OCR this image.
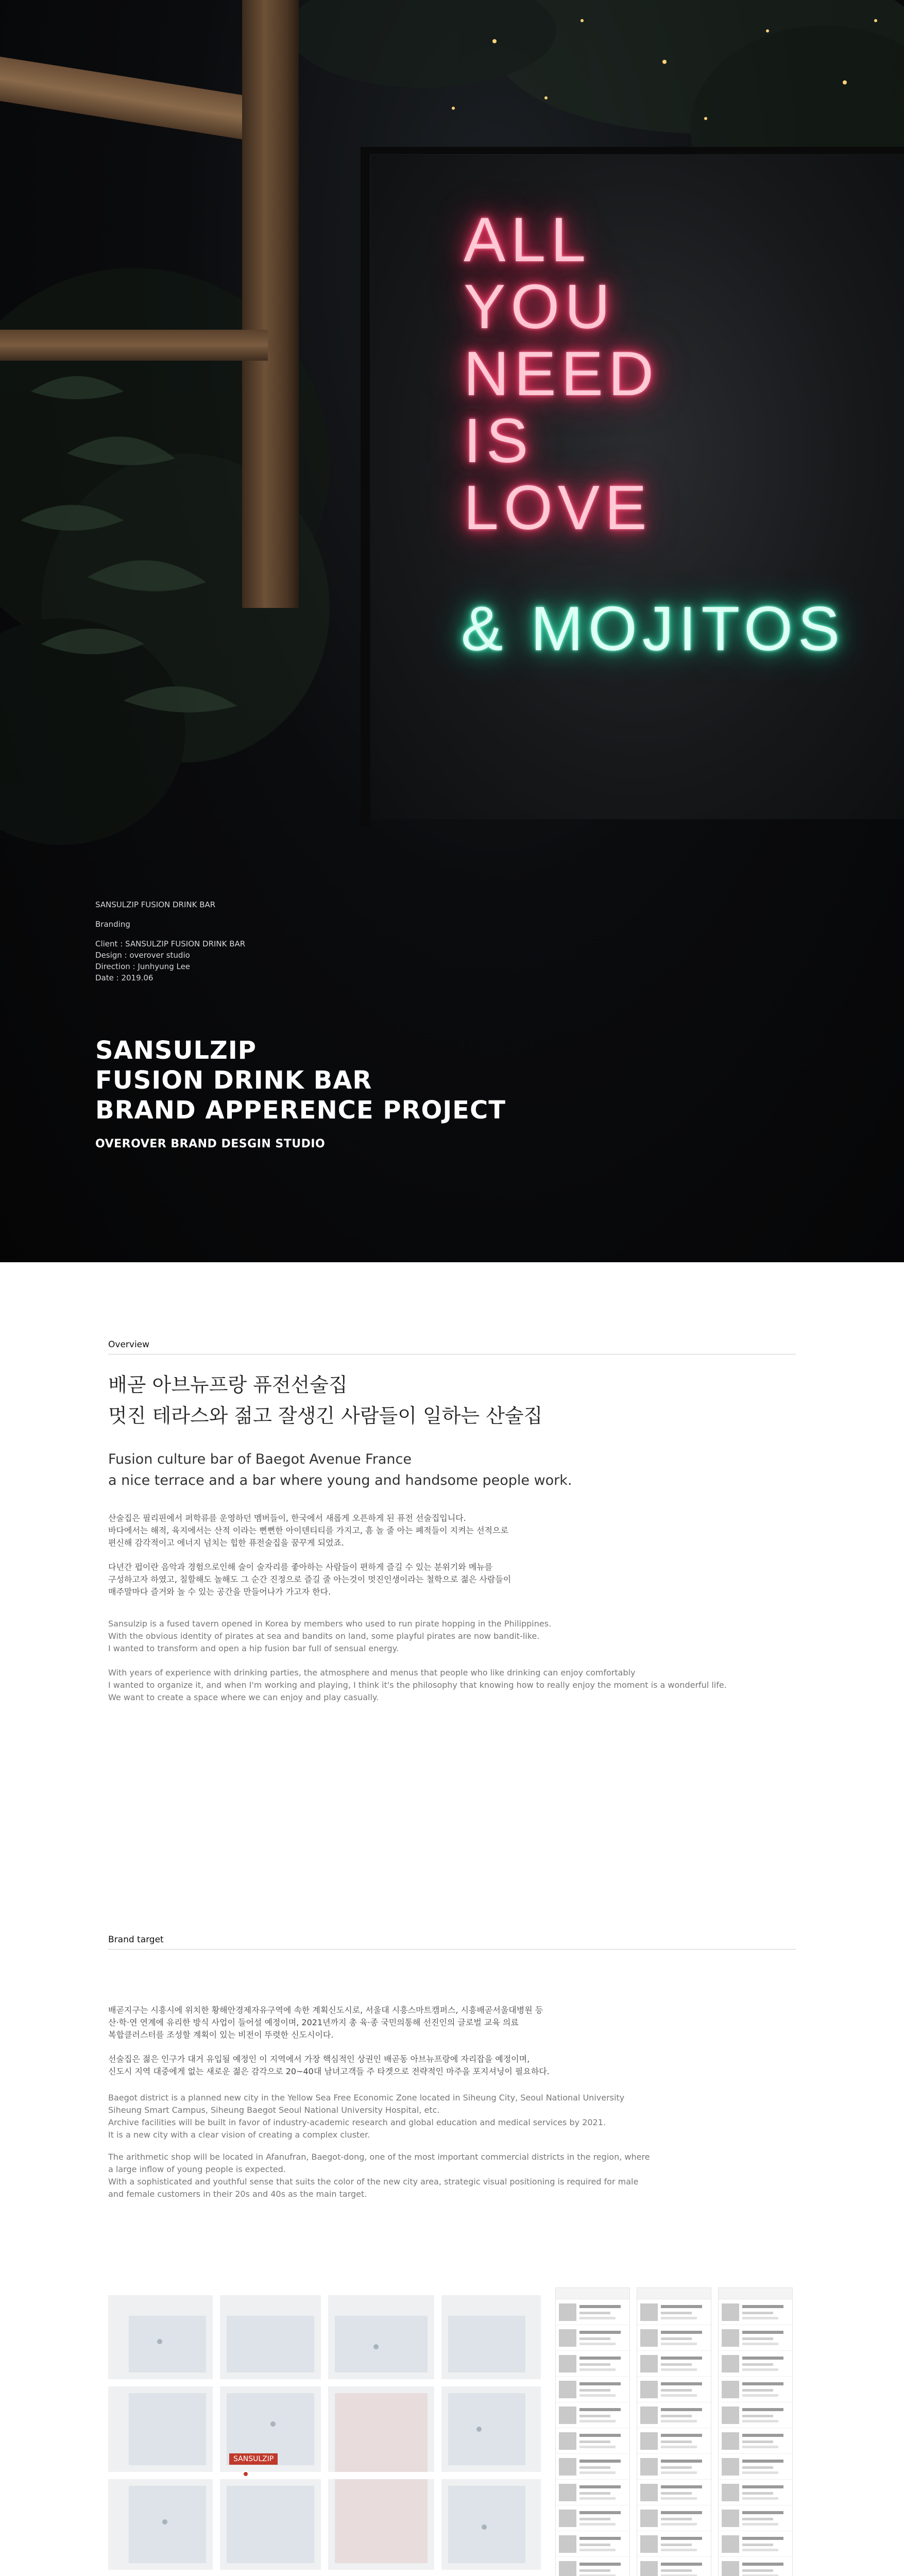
ALL
YOU
NEED
IS
LOVE
& MOJITOS
SANSULZIP FUSION DRINK BAR
Branding
Client : SANSULZIP FUSION DRINK BAR
Design : overover studio
Direction : Junhyung Lee
Date : 2019.06
SANSULZIP
FUSION DRINK BAR
BRAND APPERENCE PROJECT
OVEROVER BRAND DESGIN STUDIO
Overview
배곧 아브뉴프랑 퓨전선술집
멋진 테라스와 젊고 잘생긴 사람들이 일하는 산술집
Fusion culture bar of Baegot Avenue France
a nice terrace and a bar where young and handsome people work.
산술집은 필리핀에서 퍼학류를 운영하던 멤버들이, 한국에서 새롭게 오픈하게 된 퓨전 선술집입니다.
바다에서는 해적, 육지에서는 산적 이라는 뻔뻔한 아이덴티티를 가지고, 흠 놀 줄 아는 폐적들이 지켜는 선적으로
편신해 감각적이고 에너지 넘치는 힙한 퓨전술집을 꿈꾸게 되었죠.
다년간 펍이란 음악과 경험으로인해 술이 술자리를 좋아하는 사람들이 편하게 즐길 수 있는 분위기와 메뉴를
구성하고자 하였고, 칠할해도 놀해도 그 순간 진정으로 즐길 줄 아는것이 멋진인생이라는 철학으로 젊은 사람들이
매주말마다 즐거와 놀 수 있는 공간을 만들어나가 가고자 한다.
Sansulzip is a fused tavern opened in Korea by members who used to run pirate hopping in the Philippines.
With the obvious identity of pirates at sea and bandits on land, some playful pirates are now bandit-like.
I wanted to transform and open a hip fusion bar full of sensual energy.
With years of experience with drinking parties, the atmosphere and menus that people who like drinking can enjoy comfortably
I wanted to organize it, and when I'm working and playing, I think it's the philosophy that knowing how to really enjoy the moment is a wonderful life.
We want to create a space where we can enjoy and play casually.
Brand target
배곧지구는 시흥시에 위치한 황해안경제자유구역에 속한 계획신도시로, 서울대 시흥스마트캠퍼스, 시흥배곧서울대병원 등
산·학·연 연계에 유리한 방식 사업이 들어설 예정이며, 2021년까지 총 육·종 국민의통해 선진인의 글로벌 교육 의료
복합클러스터를 조성할 계획이 있는 비전이 뚜렷한 신도시이다.
선술집은 젊은 인구가 대거 유입될 예정인 이 지역에서 가장 핵심적인 상권인 배곧동 아브뉴프랑에 자리잡을 예정이며,
신도시 지역 대중에게 없는 새로운 젊은 감각으로 20~40대 남녀고객들 주 타겟으로 전략적인 마주을 포지셔닝이 필요하다.
Baegot district is a planned new city in the Yellow Sea Free Economic Zone located in Siheung City, Seoul National University
Siheung Smart Campus, Siheung Baegot Seoul National University Hospital, etc.
Archive facilities will be built in favor of industry-academic research and global education and medical services by 2021.
It is a new city with a clear vision of creating a complex cluster.
The arithmetic shop will be located in Afanufran, Baegot-dong, one of the most important commercial districts in the region, where
a large inflow of young people is expected.
With a sophisticated and youthful sense that suits the color of the new city area, strategic visual positioning is required for male
and female customers in their 20s and 40s as the main target.
SANSULZIP
